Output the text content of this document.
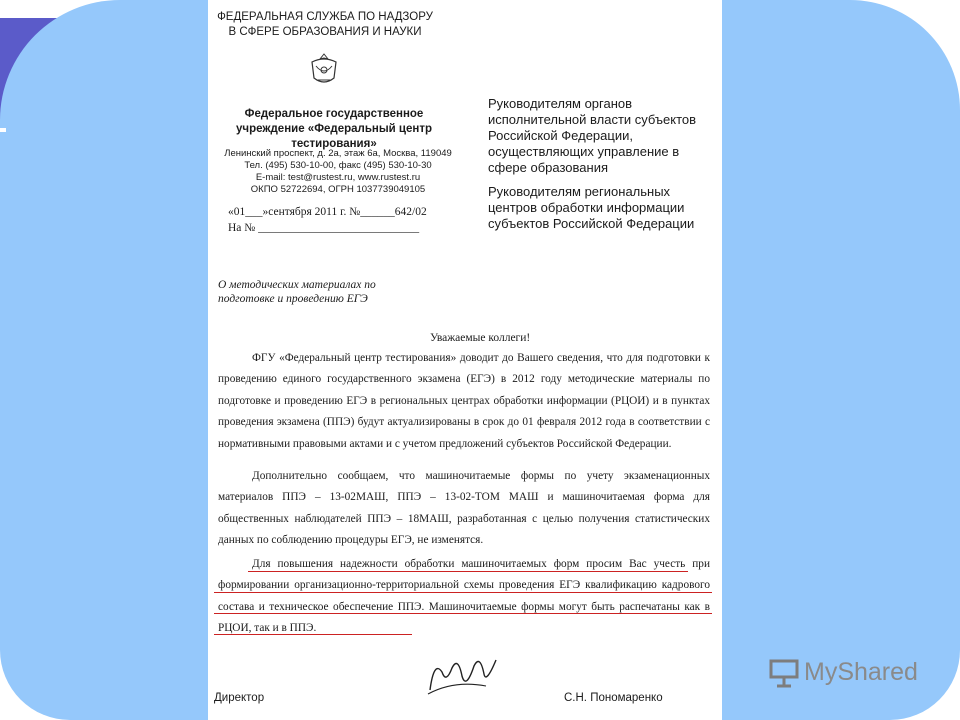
ФЕДЕРАЛЬНАЯ СЛУЖБА ПО НАДЗОРУ В СФЕРЕ ОБРАЗОВАНИЯ И НАУКИ
Федеральное государственное учреждение «Федеральный центр тестирования»
Ленинский проспект, д. 2а, этаж 6а, Москва, 119049
Тел. (495) 530-10-00, факс (495) 530-10-30
E-mail: test@rustest.ru, www.rustest.ru
ОКПО 52722694, ОГРН 1037739049105
«01___»сентября 2011 г. №______642/02
На № ____________________________

Руководителям органов исполнительной власти субъектов Российской Федерации, осуществляющих управление в сфере образования

Руководителям региональных центров обработки информации субъектов Российской Федерации

О методических материалах по подготовке и проведению ЕГЭ
Уважаемые коллеги!
ФГУ «Федеральный центр тестирования» доводит до Вашего сведения, что для подготовки к проведению единого государственного экзамена (ЕГЭ) в 2012 году методические материалы по подготовке и проведению ЕГЭ в региональных центрах обработки информации (РЦОИ) и в пунктах проведения экзамена (ППЭ) будут актуализированы в срок до 01 февраля 2012 года в соответствии с нормативными правовыми актами и с учетом предложений субъектов Российской Федерации.
Дополнительно сообщаем, что машиночитаемые формы по учету экзаменационных материалов ППЭ – 13-02МАШ, ППЭ – 13-02-ТОМ МАШ и машиночитаемая форма для общественных наблюдателей ППЭ – 18МАШ, разработанная с целью получения статистических данных по соблюдению процедуры ЕГЭ, не изменятся.
Для повышения надежности обработки машиночитаемых форм просим Вас учесть при формировании организационно-территориальной схемы проведения ЕГЭ квалификацию кадрового состава и техническое обеспечение ППЭ. Машиночитаемые формы могут быть распечатаны как в РЦОИ, так и в ППЭ.
Директор	С.Н. Пономаренко
MyShared
